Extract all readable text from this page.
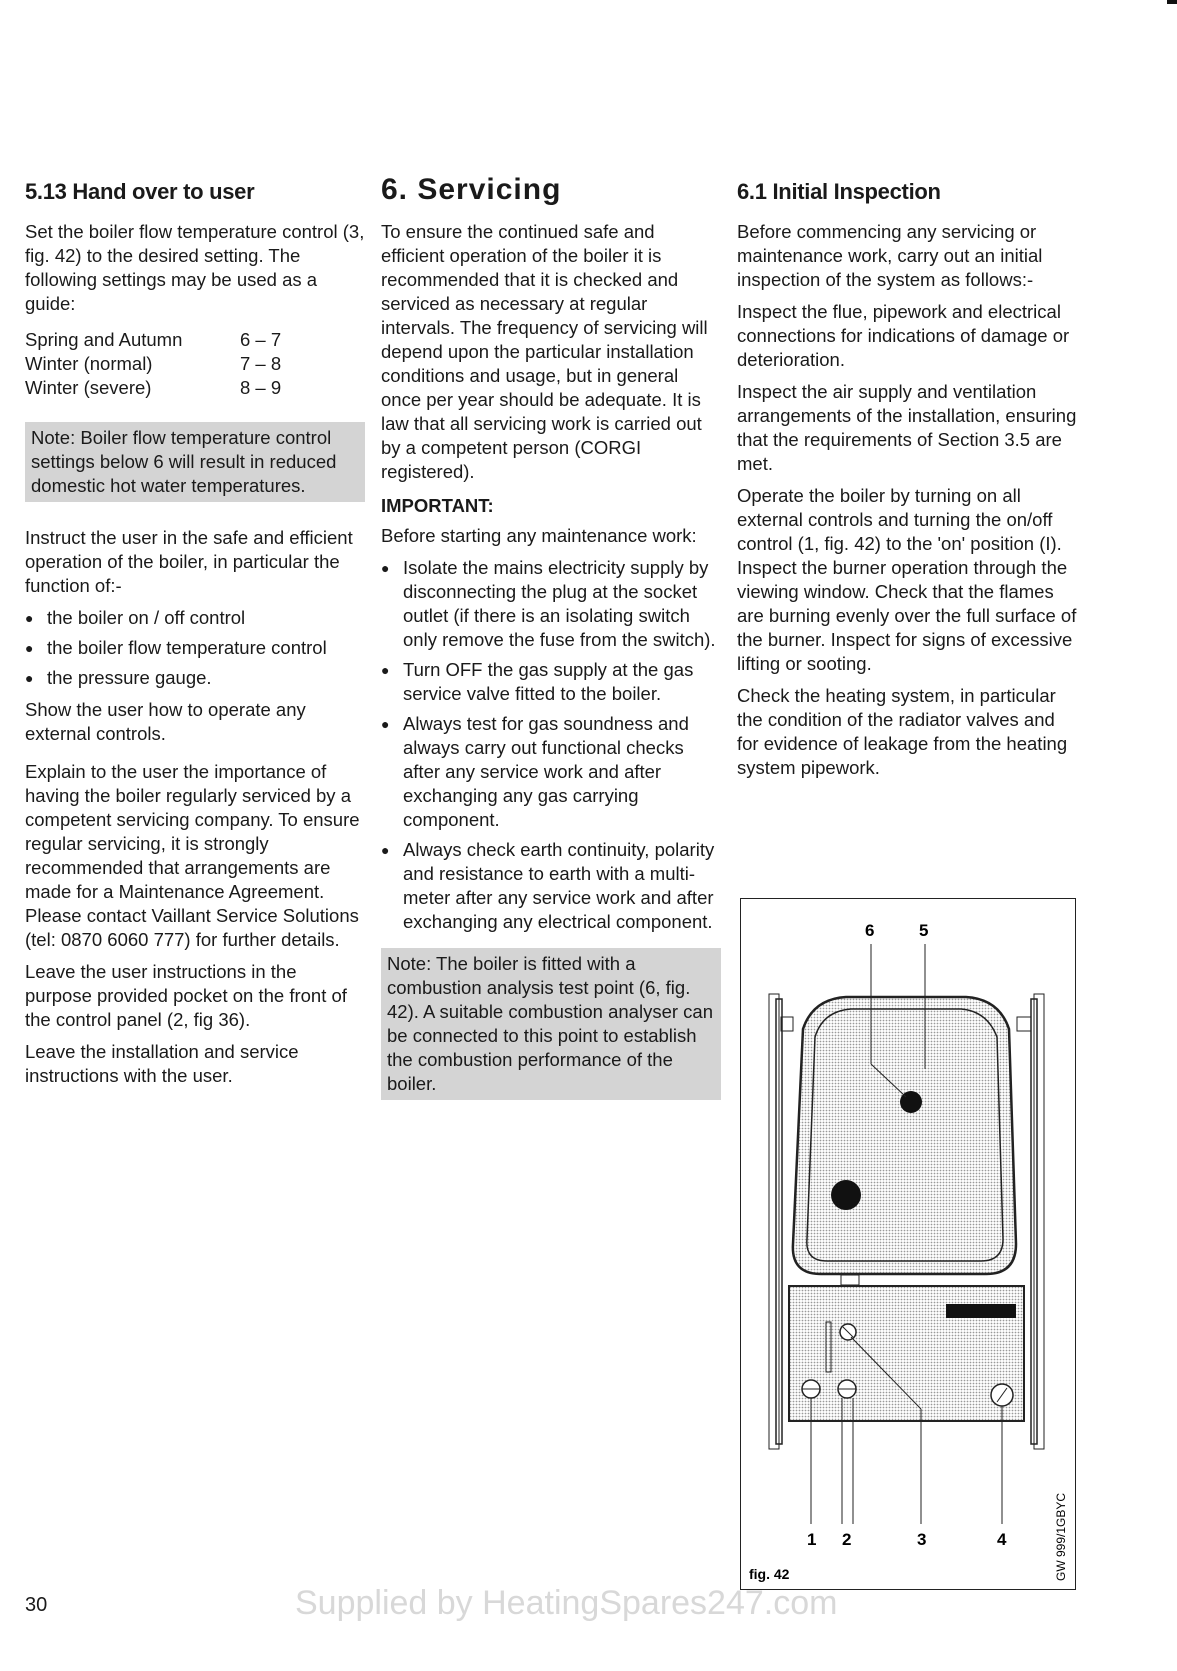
5.13 Hand over to user

Set the boiler flow temperature control (3, fig. 42) to the desired setting. The following settings may be used as a guide:

Spring and Autumn	6 – 7
Winter (normal)	7 – 8
Winter (severe)	8 – 9
Note: Boiler flow temperature control settings below 6 will result in reduced domestic hot water temperatures.

Instruct the user in the safe and efficient operation of the boiler, in particular the function of:-

● the boiler on / off control
● the boiler flow temperature control
● the pressure gauge.

Show the user how to operate any external controls.

Explain to the user the importance of having the boiler regularly serviced by a competent servicing company. To ensure regular servicing, it is strongly recommended that arrangements are made for a Maintenance Agreement. Please contact Vaillant Service Solutions (tel: 0870 6060 777) for further details.

Leave the user instructions in the purpose provided pocket on the front of the control panel (2, fig 36).

Leave the installation and service instructions with the user.

6. Servicing

To ensure the continued safe and efficient operation of the boiler it is recommended that it is checked and serviced as necessary at regular intervals. The frequency of servicing will depend upon the particular installation conditions and usage, but in general once per year should be adequate. It is law that all servicing work is carried out by a competent person (CORGI registered).

IMPORTANT:

Before starting any maintenance work:

● Isolate the mains electricity supply by disconnecting the plug at the socket outlet (if there is an isolating switch only remove the fuse from the switch).
● Turn OFF the gas supply at the gas service valve fitted to the boiler.
● Always test for gas soundness and always carry out functional checks after any service work and after exchanging any gas carrying component.
● Always check earth continuity, polarity and resistance to earth with a multi-meter after any service work and after exchanging any electrical component.
Note: The boiler is fitted with a combustion analysis test point (6, fig. 42). A suitable combustion analyser can be connected to this point to establish the combustion performance of the boiler.
6.1 Initial Inspection

Before commencing any servicing or maintenance work, carry out an initial inspection of the system as follows:-

Inspect the flue, pipework and electrical connections for indications of damage or deterioration.

Inspect the air supply and ventilation arrangements of the installation, ensuring that the requirements of Section 3.5 are met.

Operate the boiler by turning on all external controls and turning the on/off control (1, fig. 42) to the 'on' position (I). Inspect the burner operation through the viewing window. Check that the flames are burning evenly over the full surface of the burner. Inspect for signs of excessive lifting or sooting.

Check the heating system, in particular the condition of the radiator valves and for evidence of leakage from the heating system pipework.

6	5
1 2	3	4
fig. 42	GW 999/1GBYC
30	Supplied by HeatingSpares247.com
